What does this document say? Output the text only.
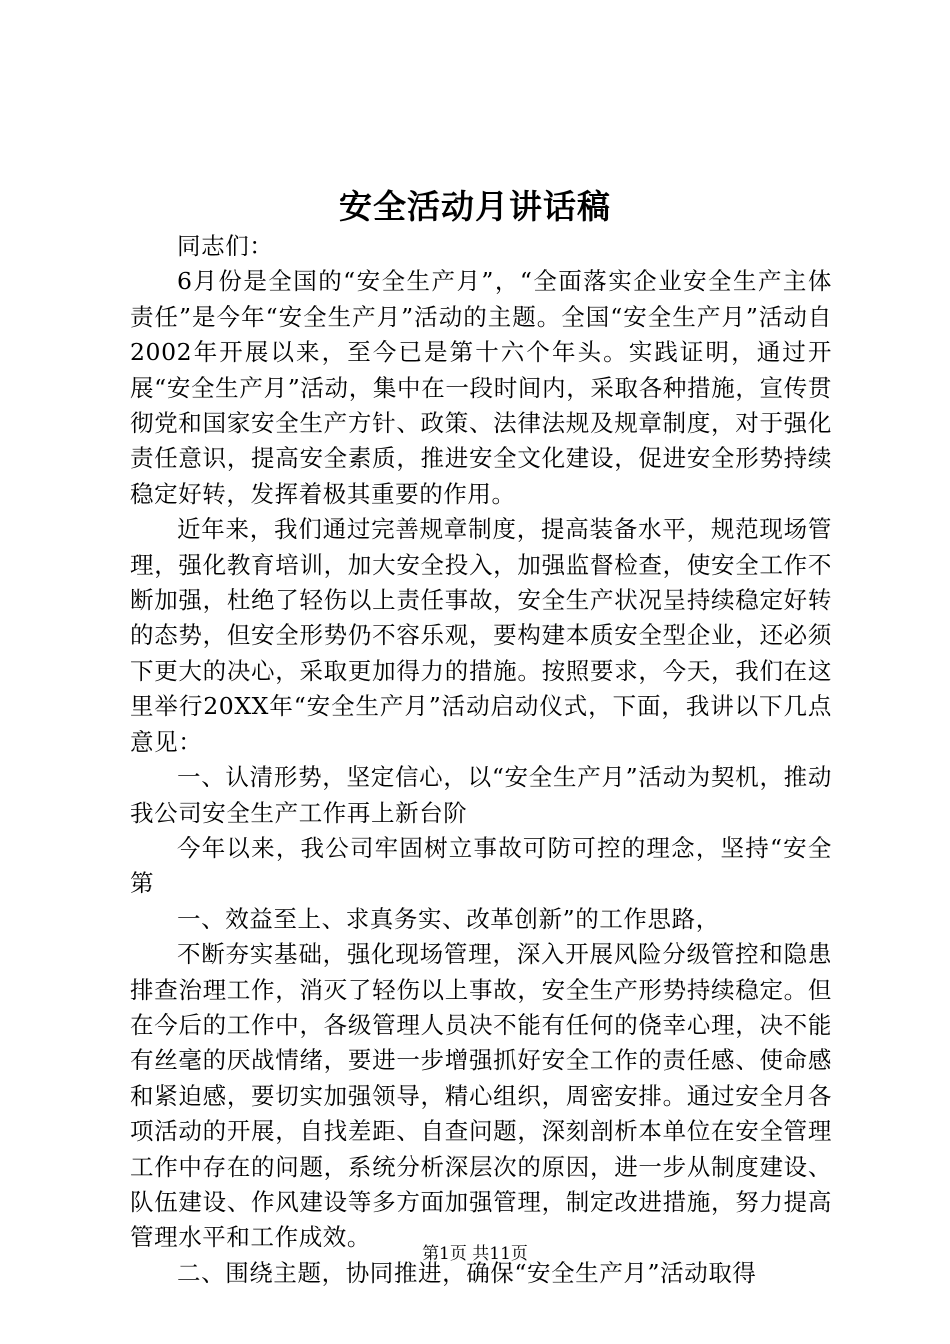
安全活动月讲话稿

同志们：

6月份是全国的“安全生产月”，“全面落实企业安全生产主体责任”是今年“安全生产月”活动的主题。全国“安全生产月”活动自2002年开展以来，至今已是第十六个年头。实践证明，通过开展“安全生产月”活动，集中在一段时间内，采取各种措施，宣传贯彻党和国家安全生产方针、政策、法律法规及规章制度，对于强化责任意识，提高安全素质，推进安全文化建设，促进安全形势持续稳定好转，发挥着极其重要的作用。

近年来，我们通过完善规章制度，提高装备水平，规范现场管理，强化教育培训，加大安全投入，加强监督检查，使安全工作不断加强，杜绝了轻伤以上责任事故，安全生产状况呈持续稳定好转的态势，但安全形势仍不容乐观，要构建本质安全型企业，还必须下更大的决心，采取更加得力的措施。按照要求，今天，我们在这里举行20XX年“安全生产月”活动启动仪式，下面，我讲以下几点意见：

一、认清形势，坚定信心，以“安全生产月”活动为契机，推动我公司安全生产工作再上新台阶

今年以来，我公司牢固树立事故可防可控的理念，坚持“安全第

一、效益至上、求真务实、改革创新”的工作思路，

不断夯实基础，强化现场管理，深入开展风险分级管控和隐患排查治理工作，消灭了轻伤以上事故，安全生产形势持续稳定。但在今后的工作中，各级管理人员决不能有任何的侥幸心理，决不能有丝毫的厌战情绪，要进一步增强抓好安全工作的责任感、使命感和紧迫感，要切实加强领导，精心组织，周密安排。通过安全月各项活动的开展，自找差距、自查问题，深刻剖析本单位在安全管理工作中存在的问题，系统分析深层次的原因，进一步从制度建设、队伍建设、作风建设等多方面加强管理，制定改进措施，努力提高管理水平和工作成效。

二、围绕主题，协同推进，确保“安全生产月”活动取得

第1页 共11页
